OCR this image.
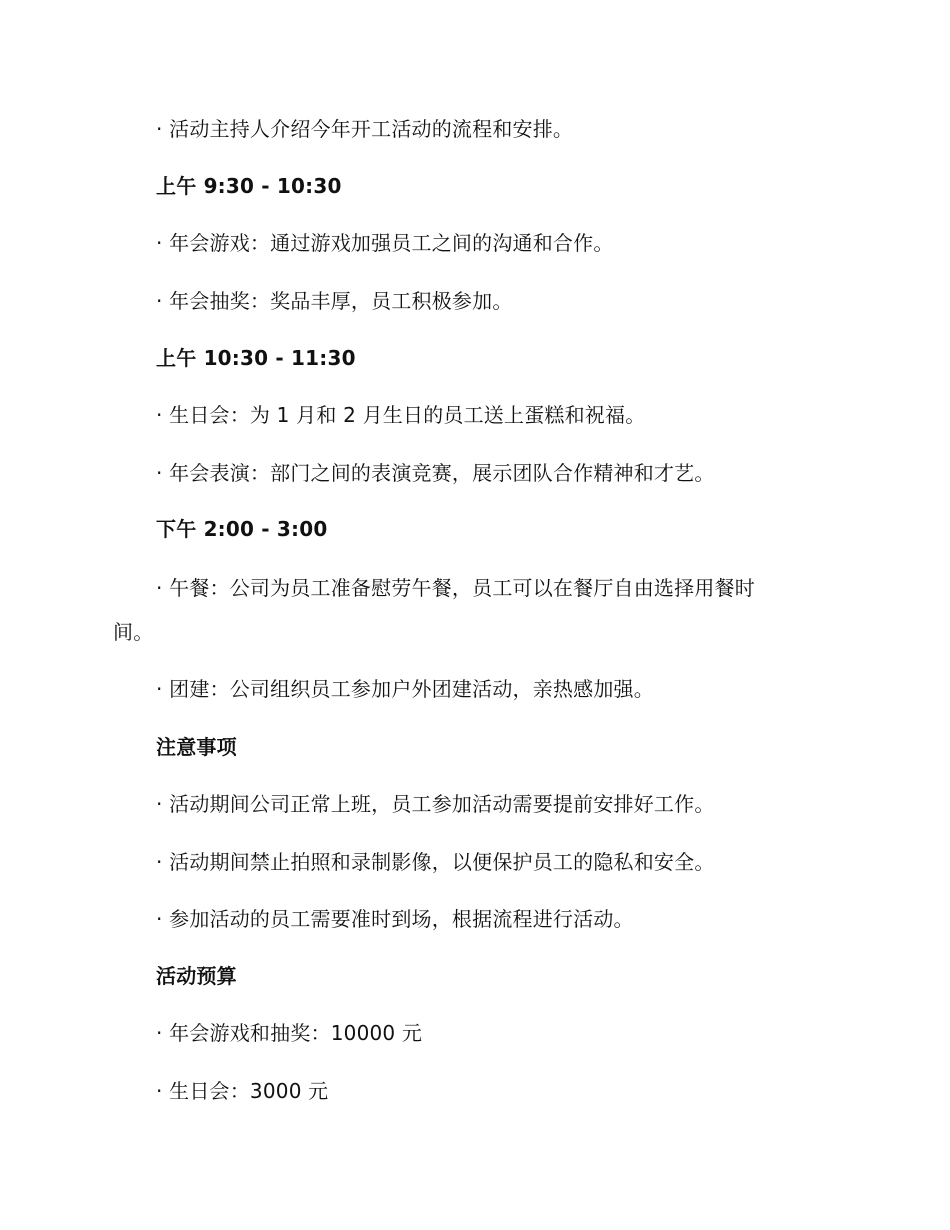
· 活动主持人介绍今年开工活动的流程和安排。
上午 9:30 - 10:30
· 年会游戏：通过游戏加强员工之间的沟通和合作。
· 年会抽奖：奖品丰厚，员工积极参加。
上午 10:30 - 11:30
· 生日会：为 1 月和 2 月生日的员工送上蛋糕和祝福。
· 年会表演：部门之间的表演竞赛，展示团队合作精神和才艺。
下午 2:00 - 3:00
· 午餐：公司为员工准备慰劳午餐，员工可以在餐厅自由选择用餐时
间。
· 团建：公司组织员工参加户外团建活动，亲热感加强。
注意事项
· 活动期间公司正常上班，员工参加活动需要提前安排好工作。
· 活动期间禁止拍照和录制影像，以便保护员工的隐私和安全。
· 参加活动的员工需要准时到场，根据流程进行活动。
活动预算
· 年会游戏和抽奖：10000 元
· 生日会：3000 元
